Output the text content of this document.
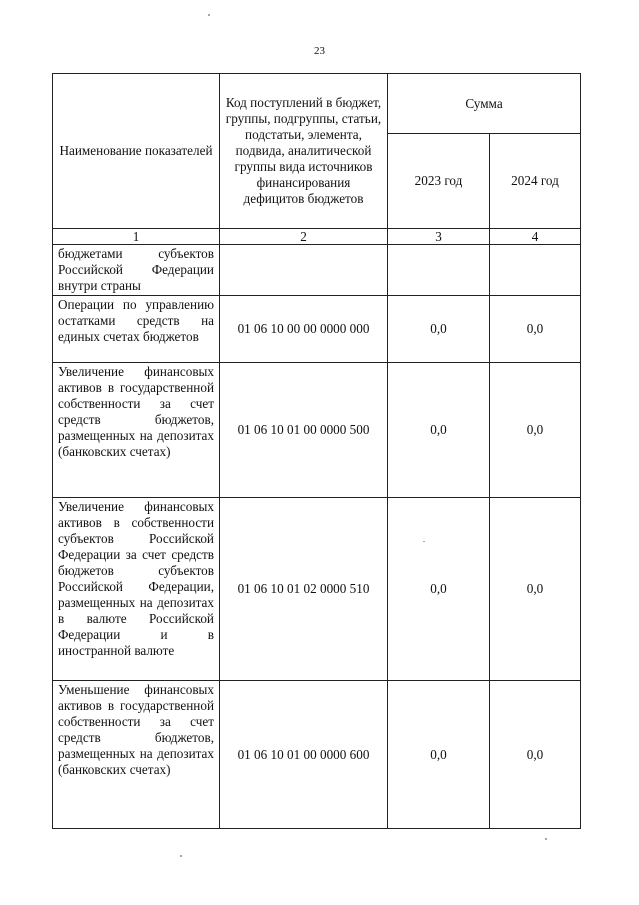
23
Наименование показателей	Код поступлений в бюджет, группы, подгруппы, статьи, подстатьи, элемента, подвида, аналитической группы вида источников финансирования дефицитов бюджетов	Сумма	
		2023 год	2024 год
1	2	3	4
бюджетами субъектов Российской Федерации внутри страны			
Операции по управлению остатками средств на единых счетах бюджетов	01 06 10 00 00 0000 000	0,0	0,0
Увеличение финансовых активов в государственной собственности за счет средств бюджетов, размещенных на депозитах (банковских счетах)	01 06 10 01 00 0000 500	0,0	0,0
Увеличение финансовых активов в собственности субъектов Российской Федерации за счет средств бюджетов субъектов Российской Федерации, размещенных на депозитах в валюте Российской Федерации и в иностранной валюте	01 06 10 01 02 0000 510	0,0	0,0
Уменьшение финансовых активов в государственной собственности за счет средств бюджетов, размещенных на депозитах (банковских счетах)	01 06 10 01 00 0000 600	0,0	0,0
